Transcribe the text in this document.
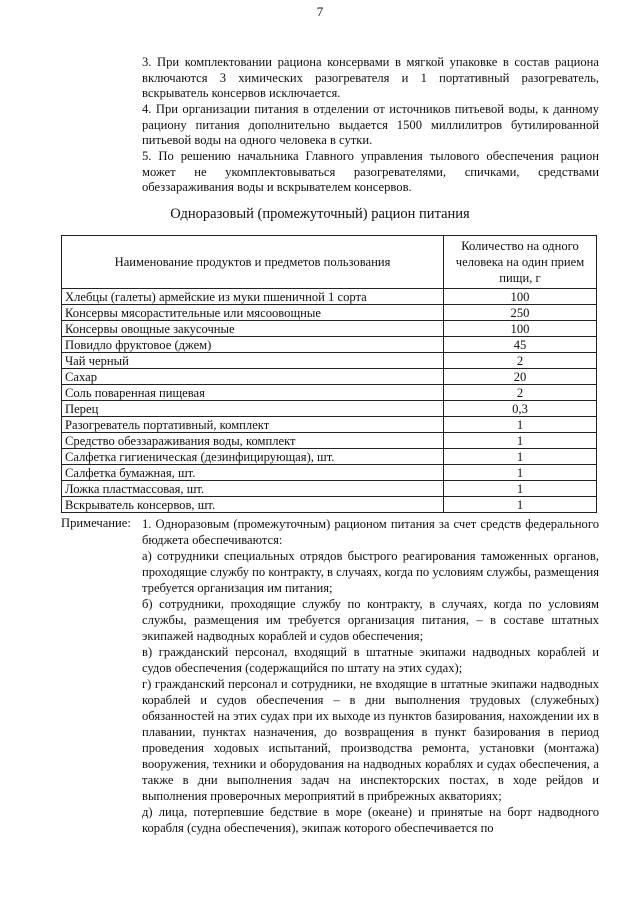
7

3. При комплектовании рациона консервами в мягкой упаковке в состав рациона включаются 3 химических разогревателя и 1 портативный разогреватель, вскрыватель консервов исключается.

4. При организации питания в отделении от источников питьевой воды, к данному рациону питания дополнительно выдается 1500 миллилитров бутилированной питьевой воды на одного человека в сутки.

5. По решению начальника Главного управления тылового обеспечения рацион может не укомплектовываться разогревателями, спичками, средствами обеззараживания воды и вскрывателем консервов.

Одноразовый (промежуточный) рацион питания
Наименование продуктов и предметов пользования	Количество на одного человека на один прием пищи, г
Хлебцы (галеты) армейские из муки пшеничной 1 сорта	100
Консервы мясорастительные или мясоовощные	250
Консервы овощные закусочные	100
Повидло фруктовое (джем)	45
Чай черный	2
Сахар	20
Соль поваренная пищевая	2
Перец	0,3
Разогреватель портативный, комплект	1
Средство обеззараживания воды, комплект	1
Салфетка гигиеническая (дезинфицирующая), шт.	1
Салфетка бумажная, шт.	1
Ложка пластмассовая, шт.	1
Вскрыватель консервов, шт.	1
Примечание: 1. Одноразовым (промежуточным) рационом питания за счет средств федерального бюджета обеспечиваются:

а) сотрудники специальных отрядов быстрого реагирования таможенных органов, проходящие службу по контракту, в случаях, когда по условиям службы, размещения требуется организация им питания;

б) сотрудники, проходящие службу по контракту, в случаях, когда по условиям службы, размещения им требуется организация питания, – в составе штатных экипажей надводных кораблей и судов обеспечения;

в) гражданский персонал, входящий в штатные экипажи надводных кораблей и судов обеспечения (содержащийся по штату на этих судах);

г) гражданский персонал и сотрудники, не входящие в штатные экипажи надводных кораблей и судов обеспечения – в дни выполнения трудовых (служебных) обязанностей на этих судах при их выходе из пунктов базирования, нахождении их в плавании, пунктах назначения, до возвращения в пункт базирования в период проведения ходовых испытаний, производства ремонта, установки (монтажа) вооружения, техники и оборудования на надводных кораблях и судах обеспечения, а также в дни выполнения задач на инспекторских постах, в ходе рейдов и выполнения проверочных мероприятий в прибрежных акваториях;

д) лица, потерпевшие бедствие в море (океане) и принятые на борт надводного корабля (судна обеспечения), экипаж которого обеспечивается по
